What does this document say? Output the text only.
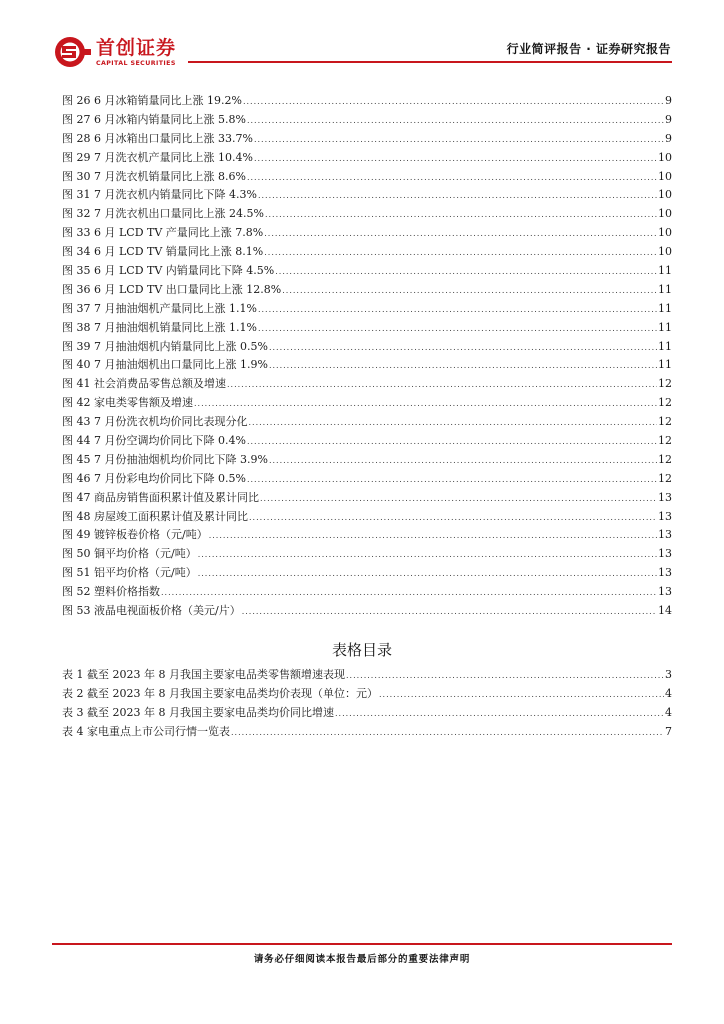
首创证券
CAPITAL SECURITIES
行业简评报告 · 证券研究报告
图 26 6 月冰箱销量同比上涨 19.2% .....	9
图 27 6 月冰箱内销量同比上涨 5.8% .....	9
图 28 6 月冰箱出口量同比上涨 33.7% .....	9
图 29 7 月洗衣机产量同比上涨 10.4% .....	10
图 30 7 月洗衣机销量同比上涨 8.6% .....	10
图 31 7 月洗衣机内销量同比下降 4.3% .....	10
图 32 7 月洗衣机出口量同比上涨 24.5% .....	10
图 33 6 月 LCD TV 产量同比上涨 7.8% .....	10
图 34 6 月 LCD TV 销量同比上涨 8.1% .....	10
图 35 6 月 LCD TV 内销量同比下降 4.5% .....	11
图 36 6 月 LCD TV 出口量同比上涨 12.8% .....	11
图 37 7 月抽油烟机产量同比上涨 1.1% .....	11
图 38 7 月抽油烟机销量同比上涨 1.1% .....	11
图 39 7 月抽油烟机内销量同比上涨 0.5% .....	11
图 40 7 月抽油烟机出口量同比上涨 1.9% .....	11
图 41 社会消费品零售总额及增速 .....	12
图 42 家电类零售额及增速 .....	12
图 43 7 月份洗衣机均价同比表现分化 .....	12
图 44 7 月份空调均价同比下降 0.4% .....	12
图 45 7 月份抽油烟机均价同比下降 3.9% .....	12
图 46 7 月份彩电均价同比下降 0.5% .....	12
图 47 商品房销售面积累计值及累计同比 .....	13
图 48 房屋竣工面积累计值及累计同比 .....	13
图 49 镀锌板卷价格（元/吨） .....	13
图 50 铜平均价格（元/吨） .....	13
图 51 铝平均价格（元/吨） .....	13
图 52 塑料价格指数 .....	13
图 53 液晶电视面板价格（美元/片） .....	14
表格目录
表 1 截至 2023 年 8 月我国主要家电品类零售额增速表现 .....	3
表 2 截至 2023 年 8 月我国主要家电品类均价表现（单位：元） .....	4
表 3 截至 2023 年 8 月我国主要家电品类均价同比增速 .....	4
表 4 家电重点上市公司行情一览表 .....	7
请务必仔细阅读本报告最后部分的重要法律声明
